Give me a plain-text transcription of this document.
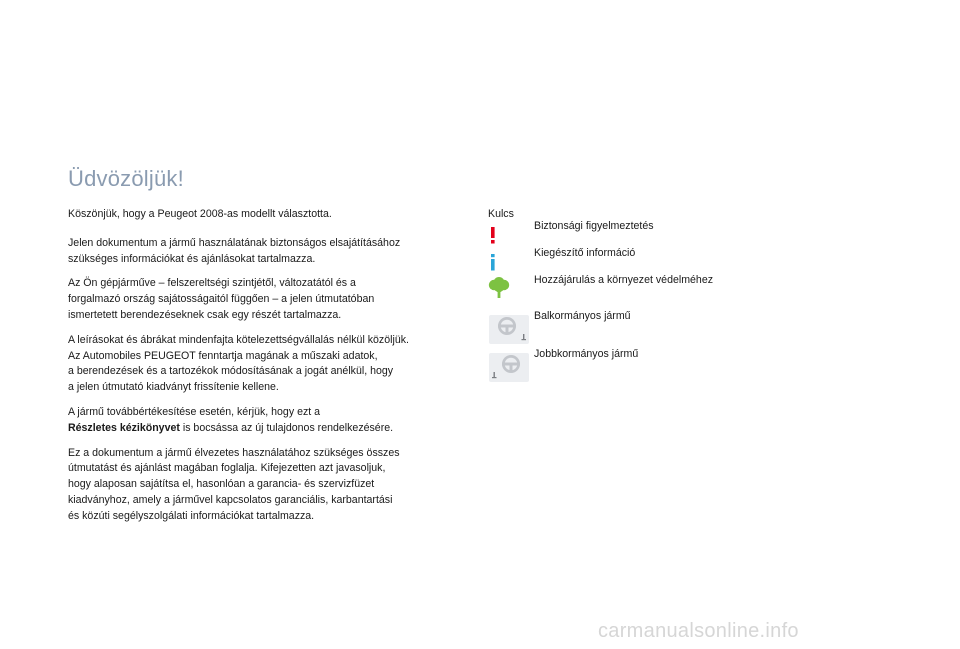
Üdvözöljük!

Köszönjük, hogy a Peugeot 2008-as modellt választotta.

Jelen dokumentum a jármű használatának biztonságos elsajátításához
szükséges információkat és ajánlásokat tartalmazza.

Az Ön gépjárműve – felszereltségi szintjétől, változatától és a
forgalmazó ország sajátosságaitól függően – a jelen útmutatóban
ismertetett berendezéseknek csak egy részét tartalmazza.

A leírásokat és ábrákat mindenfajta kötelezettségvállalás nélkül közöljük.
Az Automobiles PEUGEOT fenntartja magának a műszaki adatok,
a berendezések és a tartozékok módosításának a jogát anélkül, hogy
a jelen útmutató kiadványt frissítenie kellene.

A jármű továbbértékesítése esetén, kérjük, hogy ezt a
Részletes kézikönyvet is bocsássa az új tulajdonos rendelkezésére.

Ez a dokumentum a jármű élvezetes használatához szükséges összes
útmutatást és ajánlást magában foglalja. Kifejezetten azt javasoljuk,
hogy alaposan sajátítsa el, hasonlóan a garancia- és szervizfüzet
kiadványhoz, amely a járművel kapcsolatos garanciális, karbantartási
és közúti segélyszolgálati információkat tartalmazza.

Kulcs
Biztonsági figyelmeztetés
Kiegészítő információ
Hozzájárulás a környezet védelméhez
Balkormányos jármű
Jobbkormányos jármű
carmanualsonline.info
